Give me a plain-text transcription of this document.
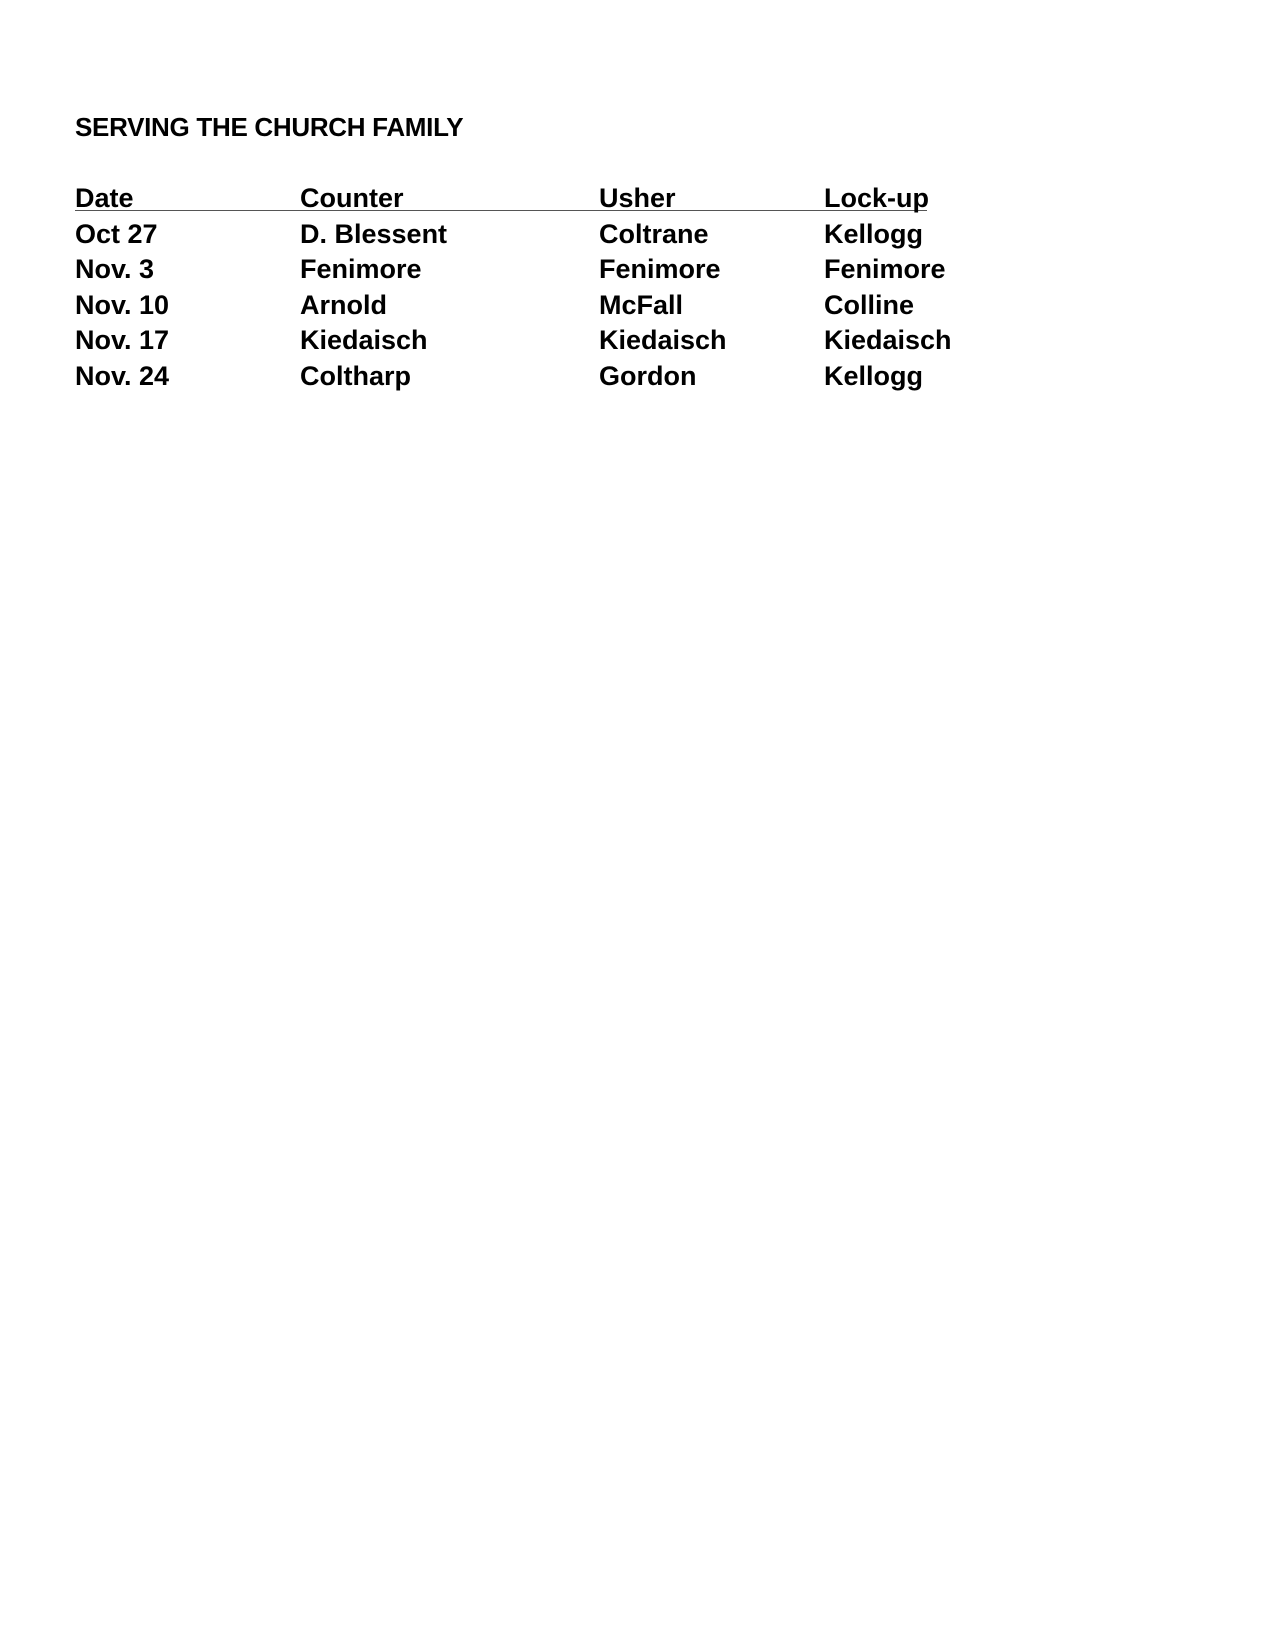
SERVING THE CHURCH FAMILY
Date	Counter	Usher	Lock-up
Oct 27	D. Blessent	Coltrane	Kellogg
Nov. 3	Fenimore	Fenimore	Fenimore
Nov. 10	Arnold	McFall	Colline
Nov. 17	Kiedaisch	Kiedaisch	Kiedaisch
Nov. 24	Coltharp	Gordon	Kellogg
